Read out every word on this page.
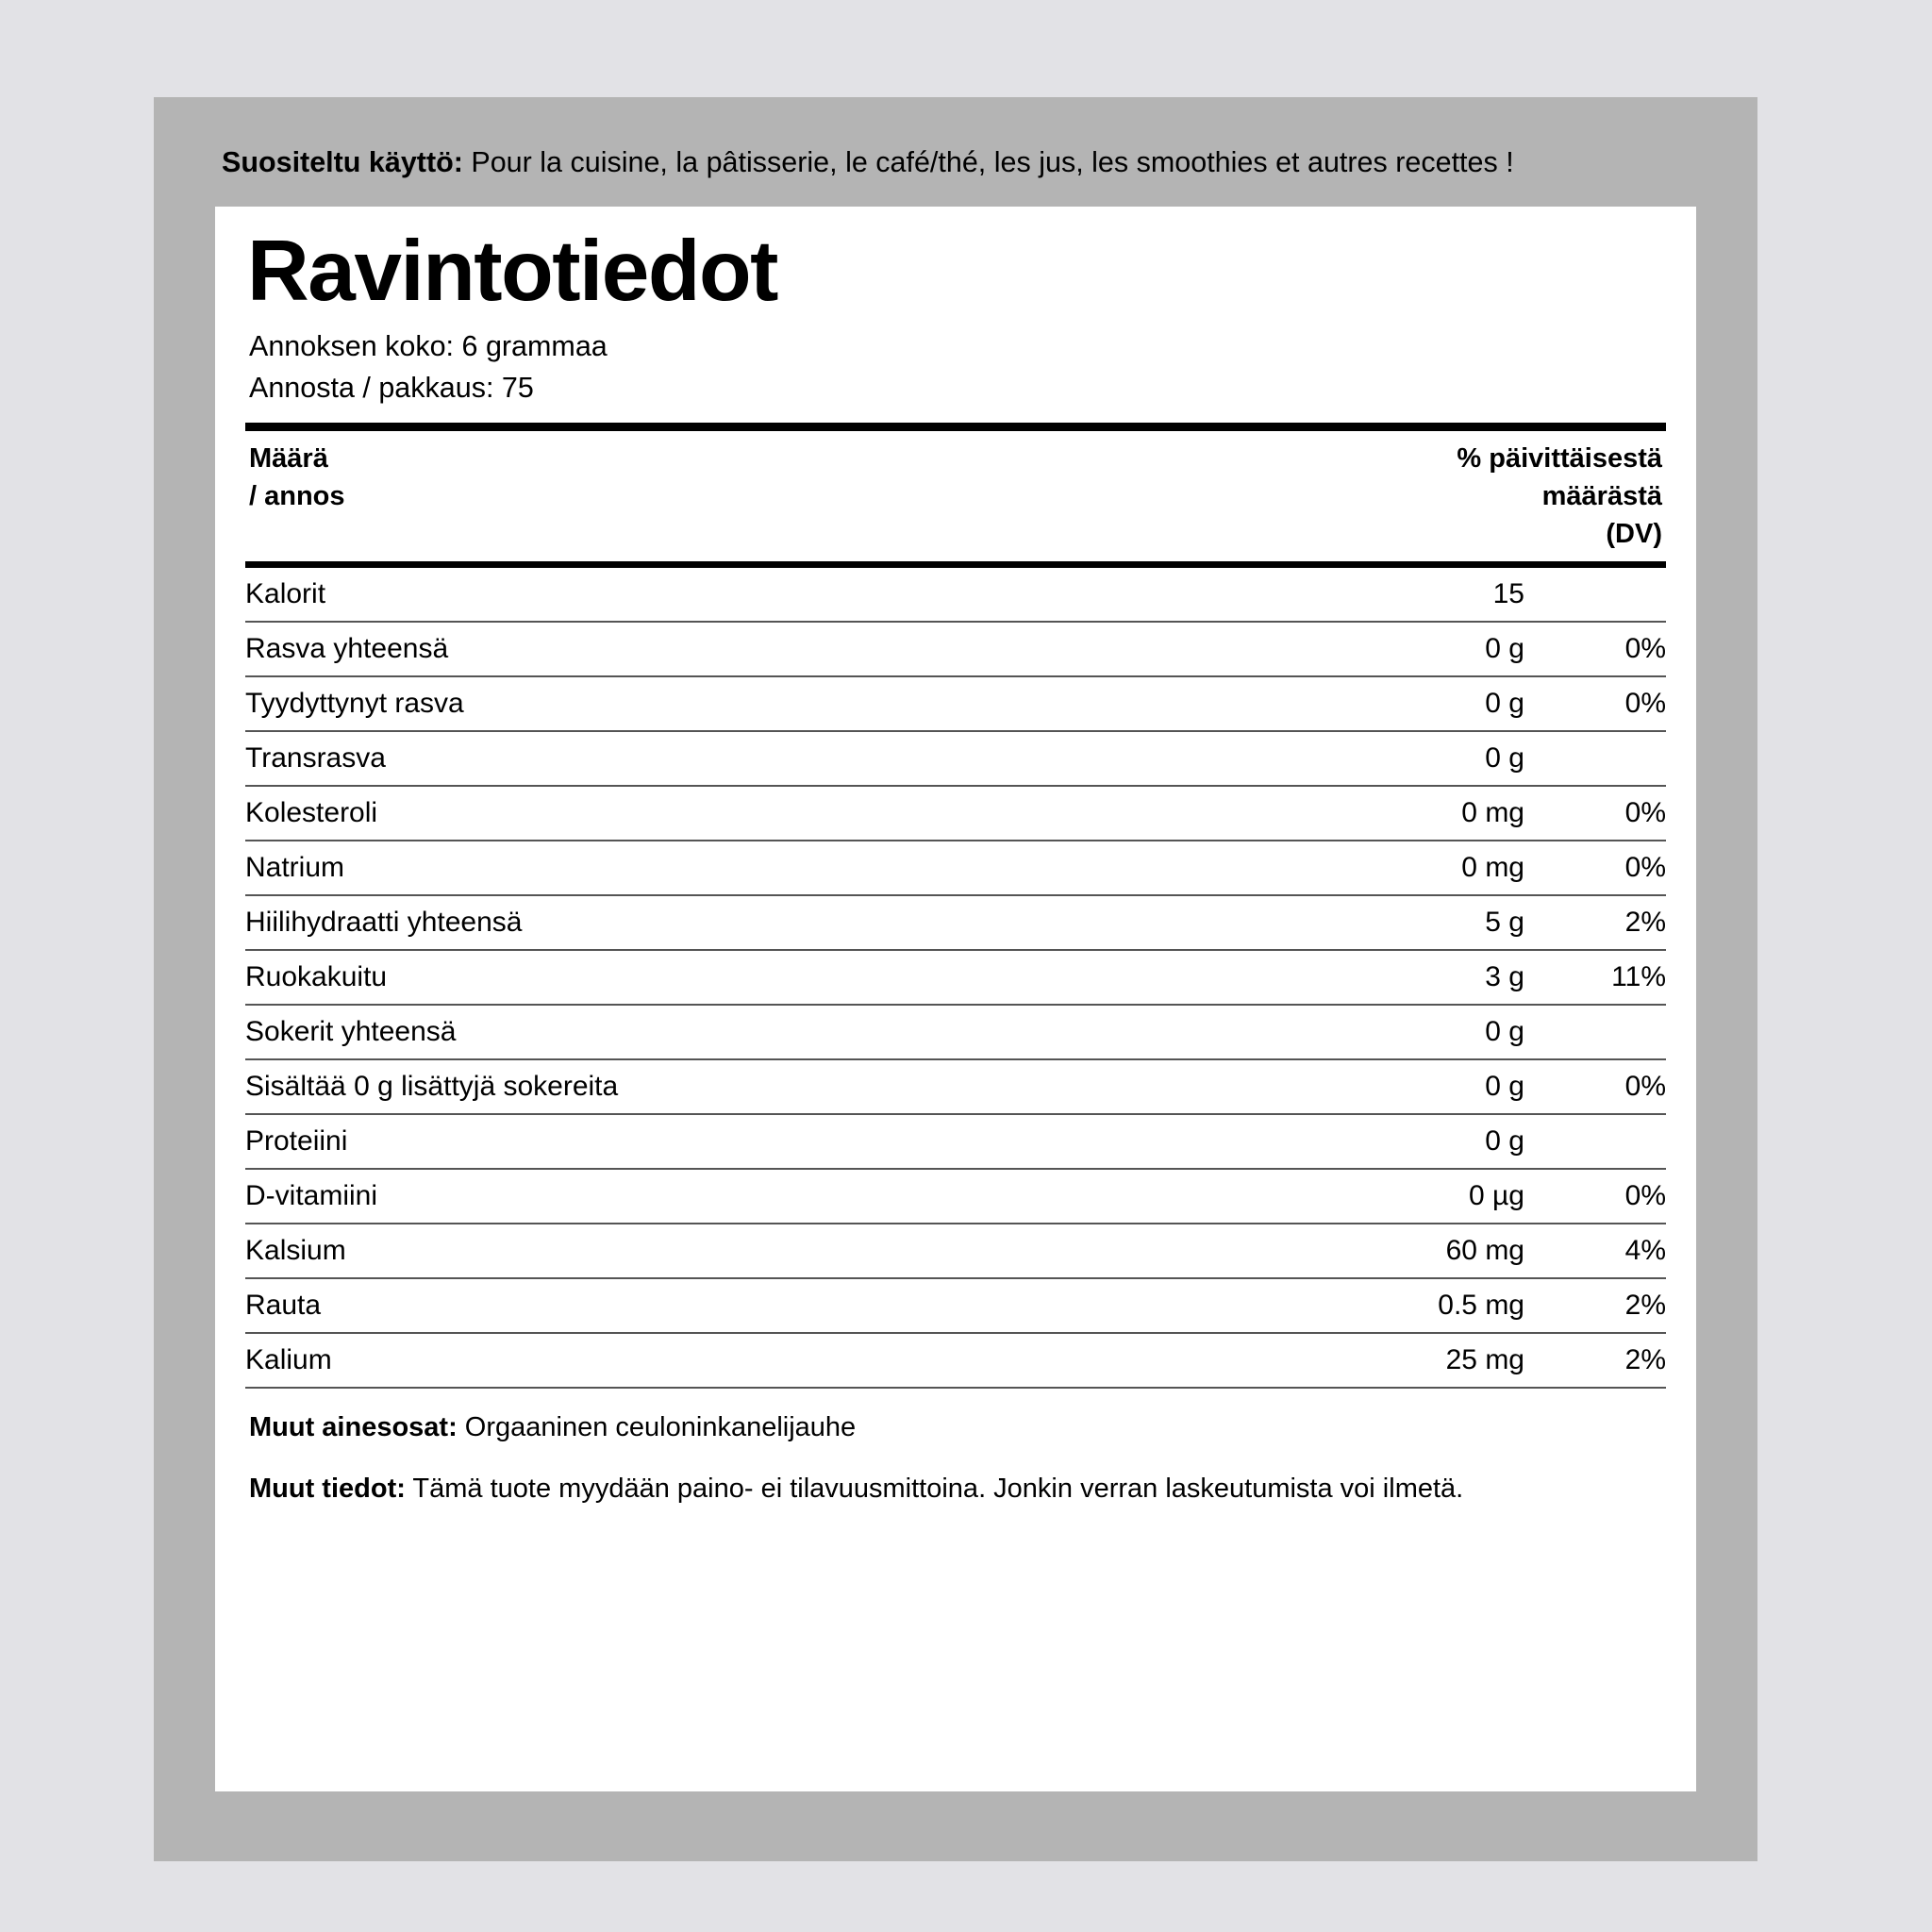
Suositeltu käyttö: Pour la cuisine, la pâtisserie, le café/thé, les jus, les smoothies et autres recettes !
Ravintotiedot
Annoksen koko: 6 grammaa
Annosta / pakkaus: 75
Määrä
/ annos
% päivittäisestä
määrästä
(DV)
Kalorit	15	
Rasva yhteensä	0 g	0%
Tyydyttynyt rasva	0 g	0%
Transrasva	0 g	
Kolesteroli	0 mg	0%
Natrium	0 mg	0%
Hiilihydraatti yhteensä	5 g	2%
Ruokakuitu	3 g	11%
Sokerit yhteensä	0 g	
Sisältää 0 g lisättyjä sokereita	0 g	0%
Proteiini	0 g	
D-vitamiini	0 µg	0%
Kalsium	60 mg	4%
Rauta	0.5 mg	2%
Kalium	25 mg	2%
Muut ainesosat: Orgaaninen ceuloninkanelijauhe
Muut tiedot: Tämä tuote myydään paino- ei tilavuusmittoina. Jonkin verran laskeutumista voi ilmetä.
